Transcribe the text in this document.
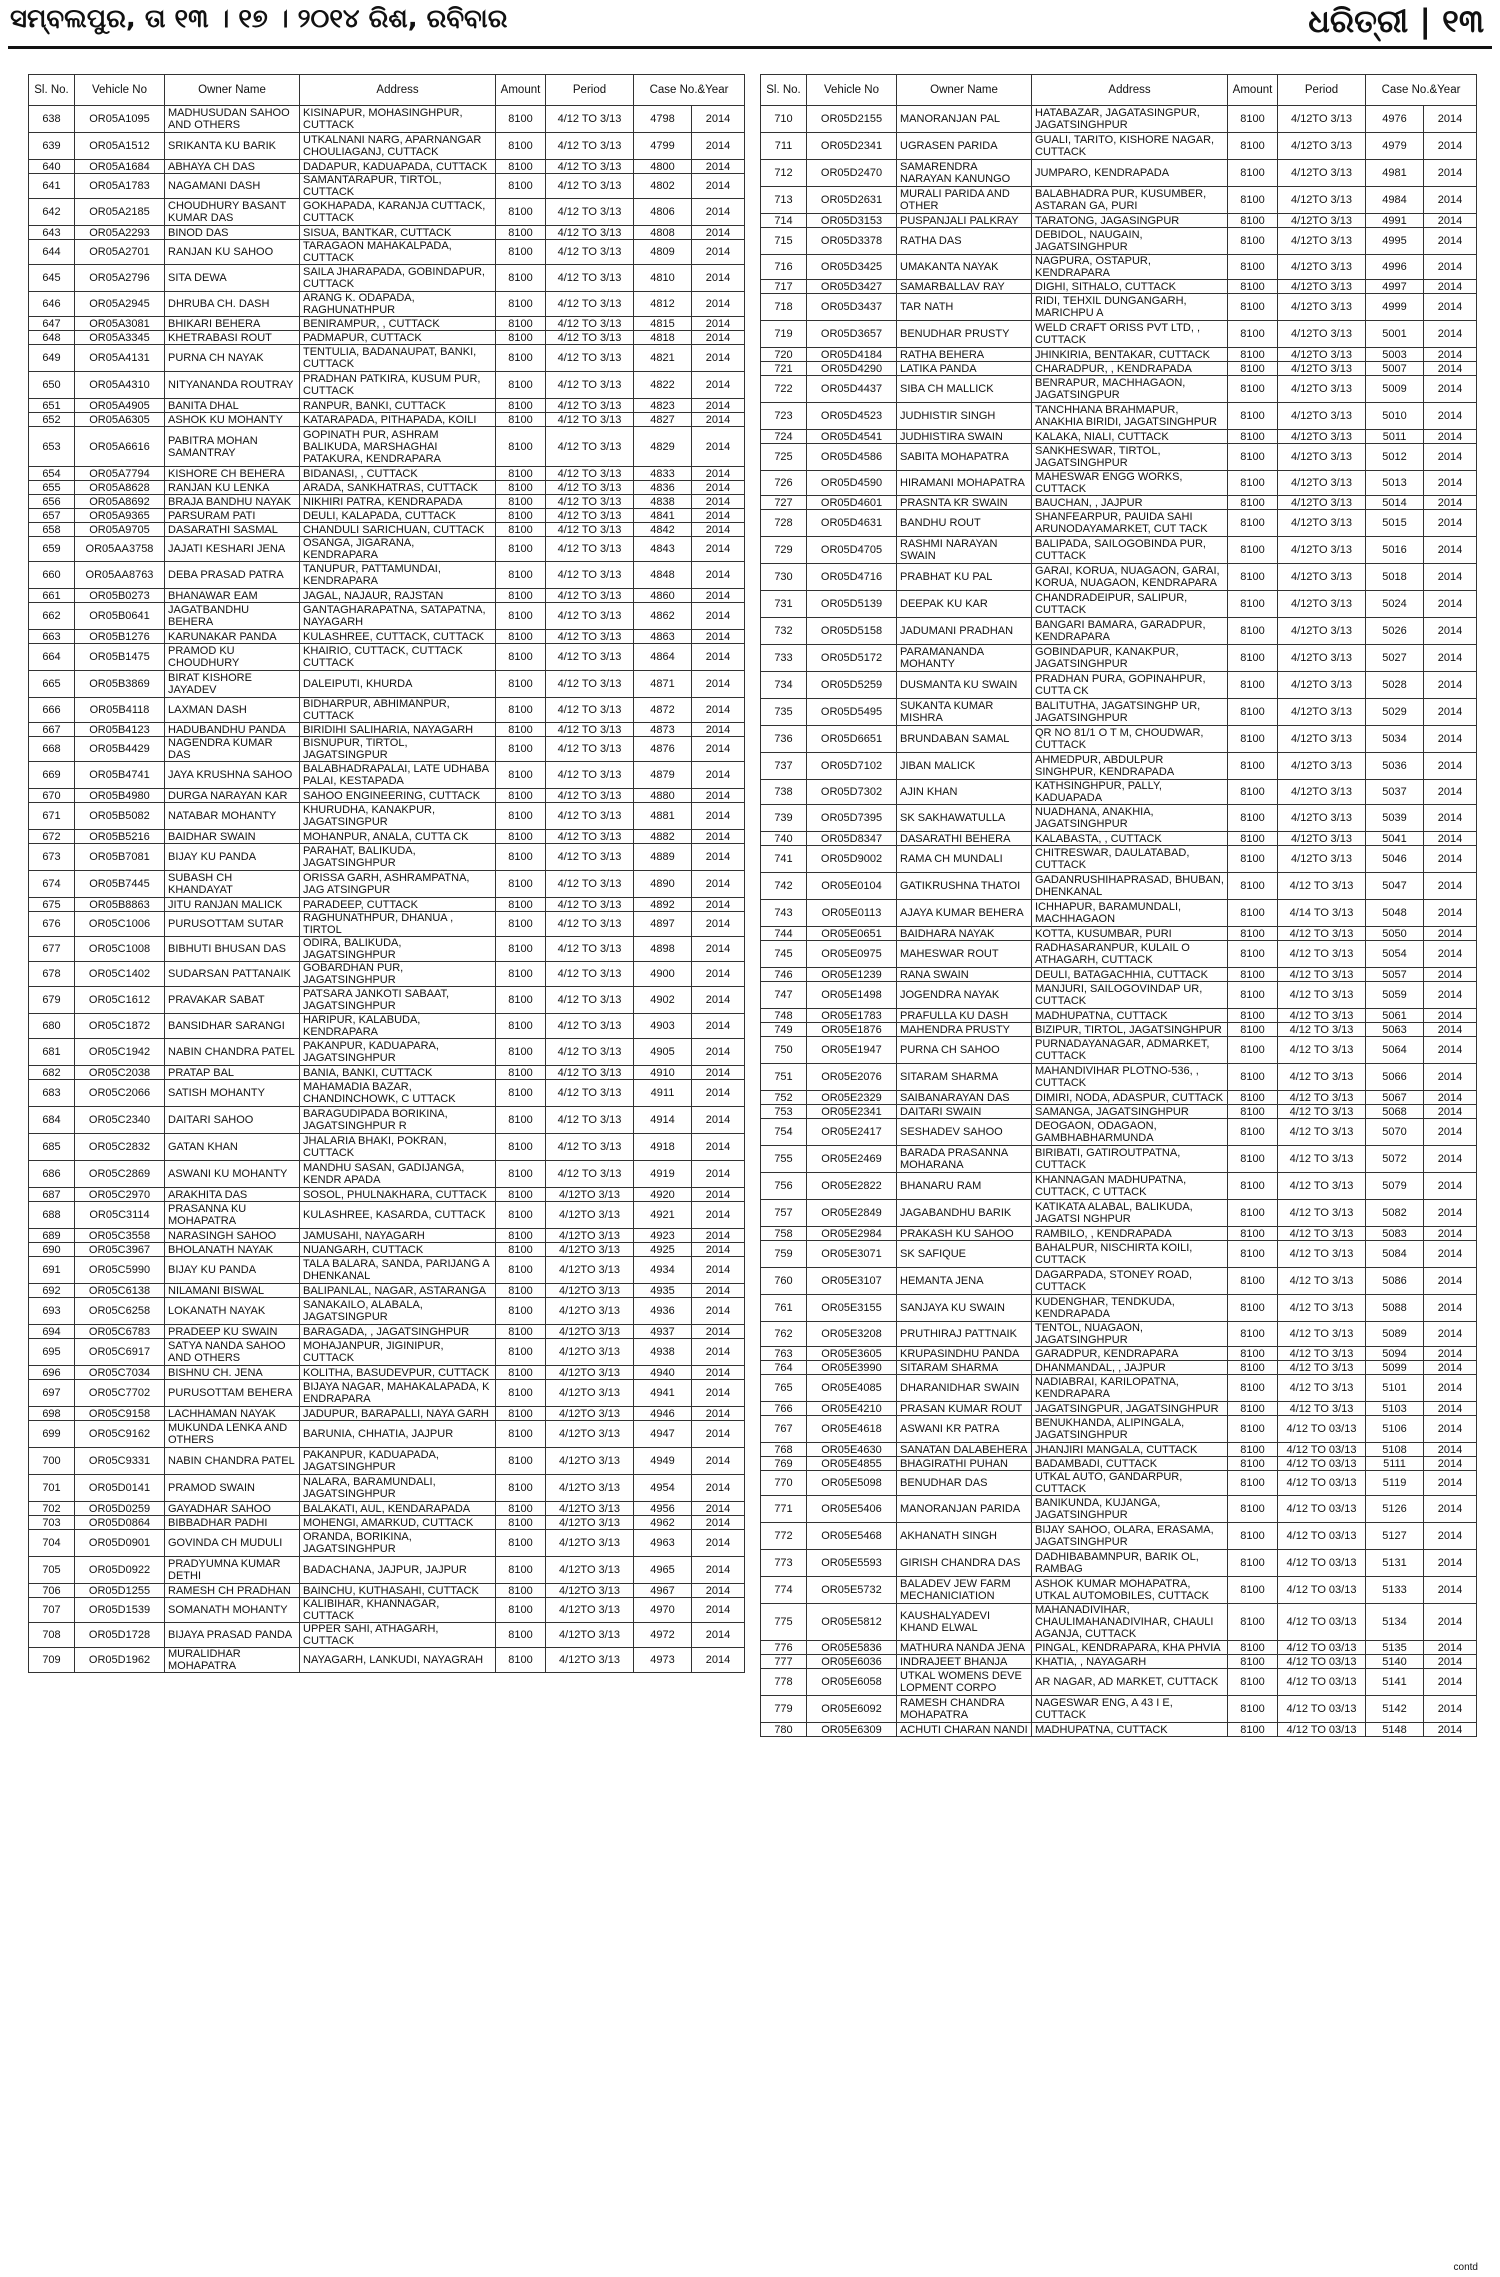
ସମ୍ବଲପୁର, ତା ୧୩ । ୧୭ । ୨୦୧୪ ରିଶ, ରବିବାର	ଧରିତ୍ରୀ | ୧୩
Sl. No.	Vehicle No	Owner Name	Address	Amount	Period	Case No.&Year	
638	OR05A1095	MADHUSUDAN SAHOO AND OTHERS	KISINAPUR, MOHASINGHPUR, CUTTACK	8100	4/12 TO 3/13	4798	2014
639	OR05A1512	SRIKANTA KU BARIK	UTKALNANI NARG, APARNANGAR CHOULIAGANJ, CUTTACK	8100	4/12 TO 3/13	4799	2014
640	OR05A1684	ABHAYA CH DAS	DADAPUR, KADUAPADA, CUTTACK	8100	4/12 TO 3/13	4800	2014
641	OR05A1783	NAGAMANI DASH	SAMANTARAPUR, TIRTOL, CUTTACK	8100	4/12 TO 3/13	4802	2014
642	OR05A2185	CHOUDHURY BASANT KUMAR DAS	GOKHAPADA, KARANJA CUTTACK, CUTTACK	8100	4/12 TO 3/13	4806	2014
643	OR05A2293	BINOD DAS	SISUA, BANTKAR, CUTTACK	8100	4/12 TO 3/13	4808	2014
644	OR05A2701	RANJAN KU SAHOO	TARAGAON MAHAKALPADA, CUTTACK	8100	4/12 TO 3/13	4809	2014
645	OR05A2796	SITA DEWA	SAILA JHARAPADA, GOBINDAPUR, CUTTACK	8100	4/12 TO 3/13	4810	2014
646	OR05A2945	DHRUBA CH. DASH	ARANG K. ODAPADA, RAGHUNATHPUR	8100	4/12 TO 3/13	4812	2014
647	OR05A3081	BHIKARI BEHERA	BENIRAMPUR, , CUTTACK	8100	4/12 TO 3/13	4815	2014
648	OR05A3345	KHETRABASI ROUT	PADMAPUR, CUTTACK	8100	4/12 TO 3/13	4818	2014
649	OR05A4131	PURNA CH NAYAK	TENTULIA, BADANAUPAT, BANKI, CUTTACK	8100	4/12 TO 3/13	4821	2014
650	OR05A4310	NITYANANDA ROUTRAY	PRADHAN PATKIRA, KUSUM PUR, CUTTACK	8100	4/12 TO 3/13	4822	2014
651	OR05A4905	BANITA DHAL	RANPUR, BANKI, CUTTACK	8100	4/12 TO 3/13	4823	2014
652	OR05A6305	ASHOK KU MOHANTY	KATARAPADA, PITHAPADA, KOILI	8100	4/12 TO 3/13	4827	2014
653	OR05A6616	PABITRA MOHAN SAMANTRAY	GOPINATH PUR, ASHRAM BALIKUDA, MARSHAGHAI PATAKURA, KENDRAPARA	8100	4/12 TO 3/13	4829	2014
654	OR05A7794	KISHORE CH BEHERA	BIDANASI, , CUTTACK	8100	4/12 TO 3/13	4833	2014
655	OR05A8628	RANJAN KU LENKA	ARADA, SANKHATRAS, CUTTACK	8100	4/12 TO 3/13	4836	2014
656	OR05A8692	BRAJA BANDHU NAYAK	NIKHIRI PATRA, KENDRAPADA	8100	4/12 TO 3/13	4838	2014
657	OR05A9365	PARSURAM PATI	DEULI, KALAPADA, CUTTACK	8100	4/12 TO 3/13	4841	2014
658	OR05A9705	DASARATHI SASMAL	CHANDULI SARICHUAN, CUTTACK	8100	4/12 TO 3/13	4842	2014
659	OR05AA3758	JAJATI KESHARI JENA	OSANGA, JIGARANA, KENDRAPARA	8100	4/12 TO 3/13	4843	2014
660	OR05AA8763	DEBA PRASAD PATRA	TANUPUR, PATTAMUNDAI, KENDRAPARA	8100	4/12 TO 3/13	4848	2014
661	OR05B0273	BHANAWAR EAM	JAGAL, NAJAUR, RAJSTAN	8100	4/12 TO 3/13	4860	2014
662	OR05B0641	JAGATBANDHU BEHERA	GANTAGHARAPATNA, SATAPATNA, NAYAGARH	8100	4/12 TO 3/13	4862	2014
663	OR05B1276	KARUNAKAR PANDA	KULASHREE, CUTTACK, CUTTACK	8100	4/12 TO 3/13	4863	2014
664	OR05B1475	PRAMOD KU CHOUDHURY	KHAIRIO, CUTTACK, CUTTACK CUTTACK	8100	4/12 TO 3/13	4864	2014
665	OR05B3869	BIRAT KISHORE JAYADEV	DALEIPUTI, KHURDA	8100	4/12 TO 3/13	4871	2014
666	OR05B4118	LAXMAN DASH	BIDHARPUR, ABHIMANPUR, CUTTACK	8100	4/12 TO 3/13	4872	2014
667	OR05B4123	HADUBANDHU PANDA	BIRIDIHI SALIHARIA, NAYAGARH	8100	4/12 TO 3/13	4873	2014
668	OR05B4429	NAGENDRA KUMAR DAS	BISNUPUR, TIRTOL, JAGATSINGPUR	8100	4/12 TO 3/13	4876	2014
669	OR05B4741	JAYA KRUSHNA SAHOO	BALABHADRAPALAI, LATE UDHABA PALAI, KESTAPADA	8100	4/12 TO 3/13	4879	2014
670	OR05B4980	DURGA NARAYAN KAR	SAHOO ENGINEERING, CUTTACK	8100	4/12 TO 3/13	4880	2014
671	OR05B5082	NATABAR MOHANTY	KHURUDHA, KANAKPUR, JAGATSINGPUR	8100	4/12 TO 3/13	4881	2014
672	OR05B5216	BAIDHAR SWAIN	MOHANPUR, ANALA, CUTTA CK	8100	4/12 TO 3/13	4882	2014
673	OR05B7081	BIJAY KU PANDA	PARAHAT, BALIKUDA, JAGATSINGHPUR	8100	4/12 TO 3/13	4889	2014
674	OR05B7445	SUBASH CH KHANDAYAT	ORISSA GARH, ASHRAMPATNA, JAG ATSINGPUR	8100	4/12 TO 3/13	4890	2014
675	OR05B8863	JITU RANJAN MALICK	PARADEEP, CUTTACK	8100	4/12 TO 3/13	4892	2014
676	OR05C1006	PURUSOTTAM SUTAR	RAGHUNATHPUR, DHANUA , TIRTOL	8100	4/12 TO 3/13	4897	2014
677	OR05C1008	BIBHUTI BHUSAN DAS	ODIRA, BALIKUDA, JAGATSINGHPUR	8100	4/12 TO 3/13	4898	2014
678	OR05C1402	SUDARSAN PATTANAIK	GOBARDHAN PUR, JAGATSINGHPUR	8100	4/12 TO 3/13	4900	2014
679	OR05C1612	PRAVAKAR SABAT	PATSARA JANKOTI SABAAT, JAGATSINGHPUR	8100	4/12 TO 3/13	4902	2014
680	OR05C1872	BANSIDHAR SARANGI	HARIPUR, KALABUDA, KENDRAPARA	8100	4/12 TO 3/13	4903	2014
681	OR05C1942	NABIN CHANDRA PATEL	PAKANPUR, KADUAPARA, JAGATSINGHPUR	8100	4/12 TO 3/13	4905	2014
682	OR05C2038	PRATAP BAL	BANIA, BANKI, CUTTACK	8100	4/12 TO 3/13	4910	2014
683	OR05C2066	SATISH MOHANTY	MAHAMADIA BAZAR, CHANDINCHOWK, C UTTACK	8100	4/12 TO 3/13	4911	2014
684	OR05C2340	DAITARI SAHOO	BARAGUDIPADA BORIKINA, JAGATSINGHPUR R	8100	4/12 TO 3/13	4914	2014
685	OR05C2832	GATAN KHAN	JHALARIA BHAKI, POKRAN, CUTTACK	8100	4/12 TO 3/13	4918	2014
686	OR05C2869	ASWANI KU MOHANTY	MANDHU SASAN, GADIJANGA, KENDR APADA	8100	4/12 TO 3/13	4919	2014
687	OR05C2970	ARAKHITA DAS	SOSOL, PHULNAKHARA, CUTTACK	8100	4/12TO 3/13	4920	2014
688	OR05C3114	PRASANNA KU MOHAPATRA	KULASHREE, KASARDA, CUTTACK	8100	4/12TO 3/13	4921	2014
689	OR05C3558	NARASINGH SAHOO	JAMUSAHI, NAYAGARH	8100	4/12TO 3/13	4923	2014
690	OR05C3967	BHOLANATH NAYAK	NUANGARH, CUTTACK	8100	4/12TO 3/13	4925	2014
691	OR05C5990	BIJAY KU PANDA	TALA BALARA, SANDA, PARIJANG A DHENKANAL	8100	4/12TO 3/13	4934	2014
692	OR05C6138	NILAMANI BISWAL	BALIPANLAL, NAGAR, ASTARANGA	8100	4/12TO 3/13	4935	2014
693	OR05C6258	LOKANATH NAYAK	SANAKAILO, ALABALA, JAGATSINGPUR	8100	4/12TO 3/13	4936	2014
694	OR05C6783	PRADEEP KU SWAIN	BARAGADA, , JAGATSINGHPUR	8100	4/12TO 3/13	4937	2014
695	OR05C6917	SATYA NANDA SAHOO AND OTHERS	MOHAJANPUR, JIGINIPUR, CUTTACK	8100	4/12TO 3/13	4938	2014
696	OR05C7034	BISHNU CH. JENA	KOLITHA, BASUDEVPUR, CUTTACK	8100	4/12TO 3/13	4940	2014
697	OR05C7702	PURUSOTTAM BEHERA	BIJAYA NAGAR, MAHAKALAPADA, K ENDRAPARA	8100	4/12TO 3/13	4941	2014
698	OR05C9158	LACHHAMAN NAYAK	JADUPUR, BARAPALLI, NAYA GARH	8100	4/12TO 3/13	4946	2014
699	OR05C9162	MUKUNDA LENKA AND OTHERS	BARUNIA, CHHATIA, JAJPUR	8100	4/12TO 3/13	4947	2014
700	OR05C9331	NABIN CHANDRA PATEL	PAKANPUR, KADUAPADA, JAGATSINGHPUR	8100	4/12TO 3/13	4949	2014
701	OR05D0141	PRAMOD SWAIN	NALARA, BARAMUNDALI, JAGATSINGHPUR	8100	4/12TO 3/13	4954	2014
702	OR05D0259	GAYADHAR SAHOO	BALAKATI, AUL, KENDARAPADA	8100	4/12TO 3/13	4956	2014
703	OR05D0864	BIBBADHAR PADHI	MOHENGI, AMARKUD, CUTTACK	8100	4/12TO 3/13	4962	2014
704	OR05D0901	GOVINDA CH MUDULI	ORANDA, BORIKINA, JAGATSINGHPUR	8100	4/12TO 3/13	4963	2014
705	OR05D0922	PRADYUMNA KUMAR DETHI	BADACHANA, JAJPUR, JAJPUR	8100	4/12TO 3/13	4965	2014
706	OR05D1255	RAMESH CH PRADHAN	BAINCHU, KUTHASAHI, CUTTACK	8100	4/12TO 3/13	4967	2014
707	OR05D1539	SOMANATH MOHANTY	KALIBIHAR, KHANNAGAR, CUTTACK	8100	4/12TO 3/13	4970	2014
708	OR05D1728	BIJAYA PRASAD PANDA	UPPER SAHI, ATHAGARH, CUTTACK	8100	4/12TO 3/13	4972	2014
709	OR05D1962	MURALIDHAR MOHAPATRA	NAYAGARH, LANKUDI, NAYAGRAH	8100	4/12TO 3/13	4973	2014
Sl. No.	Vehicle No	Owner Name	Address	Amount	Period	Case No.&Year	
710	OR05D2155	MANORANJAN PAL	HATABAZAR, JAGATASINGPUR, JAGATSINGHPUR	8100	4/12TO 3/13	4976	2014
711	OR05D2341	UGRASEN PARIDA	GUALI, TARITO, KISHORE NAGAR, CUTTACK	8100	4/12TO 3/13	4979	2014
712	OR05D2470	SAMARENDRA NARAYAN KANUNGO	JUMPARO, KENDRAPADA	8100	4/12TO 3/13	4981	2014
713	OR05D2631	MURALI PARIDA AND OTHER	BALABHADRA PUR, KUSUMBER, ASTARAN GA, PURI	8100	4/12TO 3/13	4984	2014
714	OR05D3153	PUSPANJALI PALKRAY	TARATONG, JAGASINGPUR	8100	4/12TO 3/13	4991	2014
715	OR05D3378	RATHA DAS	DEBIDOL, NAUGAIN, JAGATSINGHPUR	8100	4/12TO 3/13	4995	2014
716	OR05D3425	UMAKANTA NAYAK	NAGPURA, OSTAPUR, KENDRAPARA	8100	4/12TO 3/13	4996	2014
717	OR05D3427	SAMARBALLAV RAY	DIGHI, SITHALO, CUTTACK	8100	4/12TO 3/13	4997	2014
718	OR05D3437	TAR NATH	RIDI, TEHXIL DUNGANGARH, MARICHPU A	8100	4/12TO 3/13	4999	2014
719	OR05D3657	BENUDHAR PRUSTY	WELD CRAFT ORISS PVT LTD, , CUTTACK	8100	4/12TO 3/13	5001	2014
720	OR05D4184	RATHA BEHERA	JHINKIRIA, BENTAKAR, CUTTACK	8100	4/12TO 3/13	5003	2014
721	OR05D4290	LATIKA PANDA	CHARADPUR, , KENDRAPADA	8100	4/12TO 3/13	5007	2014
722	OR05D4437	SIBA CH MALLICK	BENRAPUR, MACHHAGAON, JAGATSINGPUR	8100	4/12TO 3/13	5009	2014
723	OR05D4523	JUDHISTIR SINGH	TANCHHANA BRAHMAPUR, ANAKHIA BIRIDI, JAGATSINGHPUR	8100	4/12TO 3/13	5010	2014
724	OR05D4541	JUDHISTIRA SWAIN	KALAKA, NIALI, CUTTACK	8100	4/12TO 3/13	5011	2014
725	OR05D4586	SABITA MOHAPATRA	SANKHESWAR, TIRTOL, JAGATSINGHPUR	8100	4/12TO 3/13	5012	2014
726	OR05D4590	HIRAMANI MOHAPATRA	MAHESWAR ENGG WORKS, CUTTACK	8100	4/12TO 3/13	5013	2014
727	OR05D4601	PRASNTA KR SWAIN	BAUCHAN, , JAJPUR	8100	4/12TO 3/13	5014	2014
728	OR05D4631	BANDHU ROUT	SHANFEARPUR, PAUIDA SAHI ARUNODAYAMARKET, CUT TACK	8100	4/12TO 3/13	5015	2014
729	OR05D4705	RASHMI NARAYAN SWAIN	BALIPADA, SAILOGOBINDA PUR, CUTTACK	8100	4/12TO 3/13	5016	2014
730	OR05D4716	PRABHAT KU PAL	GARAI, KORUA, NUAGAON, GARAI, KORUA, NUAGAON, KENDRAPARA	8100	4/12TO 3/13	5018	2014
731	OR05D5139	DEEPAK KU KAR	CHANDRADEIPUR, SALIPUR, CUTTACK	8100	4/12TO 3/13	5024	2014
732	OR05D5158	JADUMANI PRADHAN	BANGARI BAMARA, GARADPUR, KENDRAPARA	8100	4/12TO 3/13	5026	2014
733	OR05D5172	PARAMANANDA MOHANTY	GOBINDAPUR, KANAKPUR, JAGATSINGHPUR	8100	4/12TO 3/13	5027	2014
734	OR05D5259	DUSMANTA KU SWAIN	PRADHAN PURA, GOPINAHPUR, CUTTA CK	8100	4/12TO 3/13	5028	2014
735	OR05D5495	SUKANTA KUMAR MISHRA	BALITUTHA, JAGATSINGHP UR, JAGATSINGHPUR	8100	4/12TO 3/13	5029	2014
736	OR05D6651	BRUNDABAN SAMAL	QR NO 81/1 O T M, CHOUDWAR, CUTTACK	8100	4/12TO 3/13	5034	2014
737	OR05D7102	JIBAN MALICK	AHMEDPUR, ABDULPUR SINGHPUR, KENDRAPADA	8100	4/12TO 3/13	5036	2014
738	OR05D7302	AJIN KHAN	KATHSINGHPUR, PALLY, KADUAPADA	8100	4/12TO 3/13	5037	2014
739	OR05D7395	SK SAKHAWATULLA	NUADHANA, ANAKHIA, JAGATSINGHPUR	8100	4/12TO 3/13	5039	2014
740	OR05D8347	DASARATHI BEHERA	KALABASTA, , CUTTACK	8100	4/12TO 3/13	5041	2014
741	OR05D9002	RAMA CH MUNDALI	CHITRESWAR, DAULATABAD, CUTTACK	8100	4/12TO 3/13	5046	2014
742	OR05E0104	GATIKRUSHNA THATOI	GADANRUSHIHAPRASAD, BHUBAN, DHENKANAL	8100	4/12 TO 3/13	5047	2014
743	OR05E0113	AJAYA KUMAR BEHERA	ICHHAPUR, BARAMUNDALI, MACHHAGAON	8100	4/14 TO 3/13	5048	2014
744	OR05E0651	BAIDHARA NAYAK	KOTTA, KUSUMBAR, PURI	8100	4/12 TO 3/13	5050	2014
745	OR05E0975	MAHESWAR ROUT	RADHASARANPUR, KULAIL O ATHAGARH, CUTTACK	8100	4/12 TO 3/13	5054	2014
746	OR05E1239	RANA SWAIN	DEULI, BATAGACHHIA, CUTTACK	8100	4/12 TO 3/13	5057	2014
747	OR05E1498	JOGENDRA NAYAK	MANJURI, SAILOGOVINDAP UR, CUTTACK	8100	4/12 TO 3/13	5059	2014
748	OR05E1783	PRAFULLA KU DASH	MADHUPATNA, CUTTACK	8100	4/12 TO 3/13	5061	2014
749	OR05E1876	MAHENDRA PRUSTY	BIZIPUR, TIRTOL, JAGATSINGHPUR	8100	4/12 TO 3/13	5063	2014
750	OR05E1947	PURNA CH SAHOO	PURNADAYANAGAR, ADMARKET, CUTTACK	8100	4/12 TO 3/13	5064	2014
751	OR05E2076	SITARAM SHARMA	MAHANDIVIHAR PLOTNO-536, , CUTTACK	8100	4/12 TO 3/13	5066	2014
752	OR05E2329	SAIBANARAYAN DAS	DIMIRI, NODA, ADASPUR, CUTTACK	8100	4/12 TO 3/13	5067	2014
753	OR05E2341	DAITARI SWAIN	SAMANGA, JAGATSINGHPUR	8100	4/12 TO 3/13	5068	2014
754	OR05E2417	SESHADEV SAHOO	DEOGAON, ODAGAON, GAMBHABHARMUNDA	8100	4/12 TO 3/13	5070	2014
755	OR05E2469	BARADA PRASANNA MOHARANA	BIRIBATI, GATIROUTPATNA, CUTTACK	8100	4/12 TO 3/13	5072	2014
756	OR05E2822	BHANARU RAM	KHANNAGAN MADHUPATNA, CUTTACK, C UTTACK	8100	4/12 TO 3/13	5079	2014
757	OR05E2849	JAGABANDHU BARIK	KATIKATA ALABAL, BALIKUDA, JAGATSI NGHPUR	8100	4/12 TO 3/13	5082	2014
758	OR05E2984	PRAKASH KU SAHOO	RAMBILO, , KENDRAPADA	8100	4/12 TO 3/13	5083	2014
759	OR05E3071	SK SAFIQUE	BAHALPUR, NISCHIRTA KOILI, CUTTACK	8100	4/12 TO 3/13	5084	2014
760	OR05E3107	HEMANTA JENA	DAGARPADA, STONEY ROAD, CUTTACK	8100	4/12 TO 3/13	5086	2014
761	OR05E3155	SANJAYA KU SWAIN	KUDENGHAR, TENDKUDA, KENDRAPADA	8100	4/12 TO 3/13	5088	2014
762	OR05E3208	PRUTHIRAJ PATTNAIK	TENTOL, NUAGAON, JAGATSINGHPUR	8100	4/12 TO 3/13	5089	2014
763	OR05E3605	KRUPASINDHU PANDA	GARADPUR, KENDRAPARA	8100	4/12 TO 3/13	5094	2014
764	OR05E3990	SITARAM SHARMA	DHANMANDAL, , JAJPUR	8100	4/12 TO 3/13	5099	2014
765	OR05E4085	DHARANIDHAR SWAIN	NADIABRAI, KARILOPATNA, KENDRAPARA	8100	4/12 TO 3/13	5101	2014
766	OR05E4210	PRASAN KUMAR ROUT	JAGATSINGPUR, JAGATSINGHPUR	8100	4/12 TO 3/13	5103	2014
767	OR05E4618	ASWANI KR PATRA	BENUKHANDA, ALIPINGALA, JAGATSINGHPUR	8100	4/12 TO 03/13	5106	2014
768	OR05E4630	SANATAN DALABEHERA	JHANJIRI MANGALA, CUTTACK	8100	4/12 TO 03/13	5108	2014
769	OR05E4855	BHAGIRATHI PUHAN	BADAMBADI, CUTTACK	8100	4/12 TO 03/13	5111	2014
770	OR05E5098	BENUDHAR DAS	UTKAL AUTO, GANDARPUR, CUTTACK	8100	4/12 TO 03/13	5119	2014
771	OR05E5406	MANORANJAN PARIDA	BANIKUNDA, KUJANGA, JAGATSINGHPUR	8100	4/12 TO 03/13	5126	2014
772	OR05E5468	AKHANATH SINGH	BIJAY SAHOO, OLARA, ERASAMA, JAGATSINGHPUR	8100	4/12 TO 03/13	5127	2014
773	OR05E5593	GIRISH CHANDRA DAS	DADHIBABAMNPUR, BARIK OL, RAMBAG	8100	4/12 TO 03/13	5131	2014
774	OR05E5732	BALADEV JEW FARM MECHANICIATION	ASHOK KUMAR MOHAPATRA, UTKAL AUTOMOBILES, CUTTACK	8100	4/12 TO 03/13	5133	2014
775	OR05E5812	KAUSHALYADEVI KHAND ELWAL	MAHANADIVIHAR, CHAULIMAHANADIVIHAR, CHAULI AGANJA, CUTTACK	8100	4/12 TO 03/13	5134	2014
776	OR05E5836	MATHURA NANDA JENA	PINGAL, KENDRAPARA, KHA PHVIA	8100	4/12 TO 03/13	5135	2014
777	OR05E6036	INDRAJEET BHANJA	KHATIA, , NAYAGARH	8100	4/12 TO 03/13	5140	2014
778	OR05E6058	UTKAL WOMENS DEVE LOPMENT CORPO	AR NAGAR, AD MARKET, CUTTACK	8100	4/12 TO 03/13	5141	2014
779	OR05E6092	RAMESH CHANDRA MOHAPATRA	NAGESWAR ENG, A 43 I E, CUTTACK	8100	4/12 TO 03/13	5142	2014
780	OR05E6309	ACHUTI CHARAN NANDI	MADHUPATNA, CUTTACK	8100	4/12 TO 03/13	5148	2014
contd
